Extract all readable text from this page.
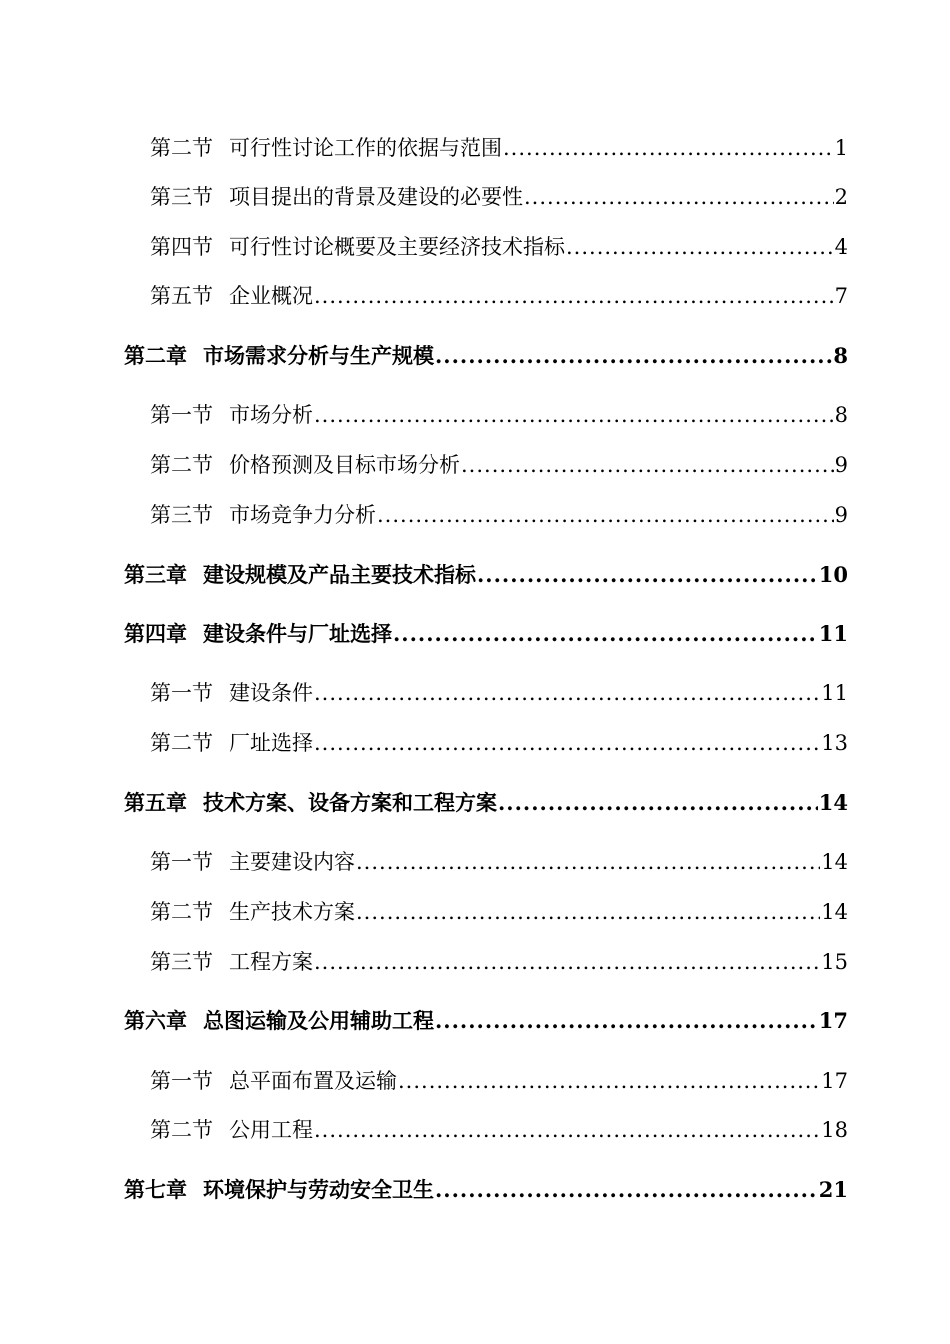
第二节 可行性讨论工作的依据与范围 .....	1
第三节 项目提出的背景及建设的必要性 .....	2
第四节 可行性讨论概要及主要经济技术指标 .....	4
第五节 企业概况 .....	7
第二章 市场需求分析与生产规模 .....	8
第一节 市场分析 .....	8
第二节 价格预测及目标市场分析 .....	9
第三节 市场竞争力分析 .....	9
第三章 建设规模及产品主要技术指标 .....	10
第四章 建设条件与厂址选择 .....	11
第一节 建设条件 .....	11
第二节 厂址选择 .....	13
第五章 技术方案、设备方案和工程方案 .....	14
第一节 主要建设内容 .....	14
第二节 生产技术方案 .....	14
第三节 工程方案 .....	15
第六章 总图运输及公用辅助工程 .....	17
第一节 总平面布置及运输 .....	17
第二节 公用工程 .....	18
第七章 环境保护与劳动安全卫生 .....	21
